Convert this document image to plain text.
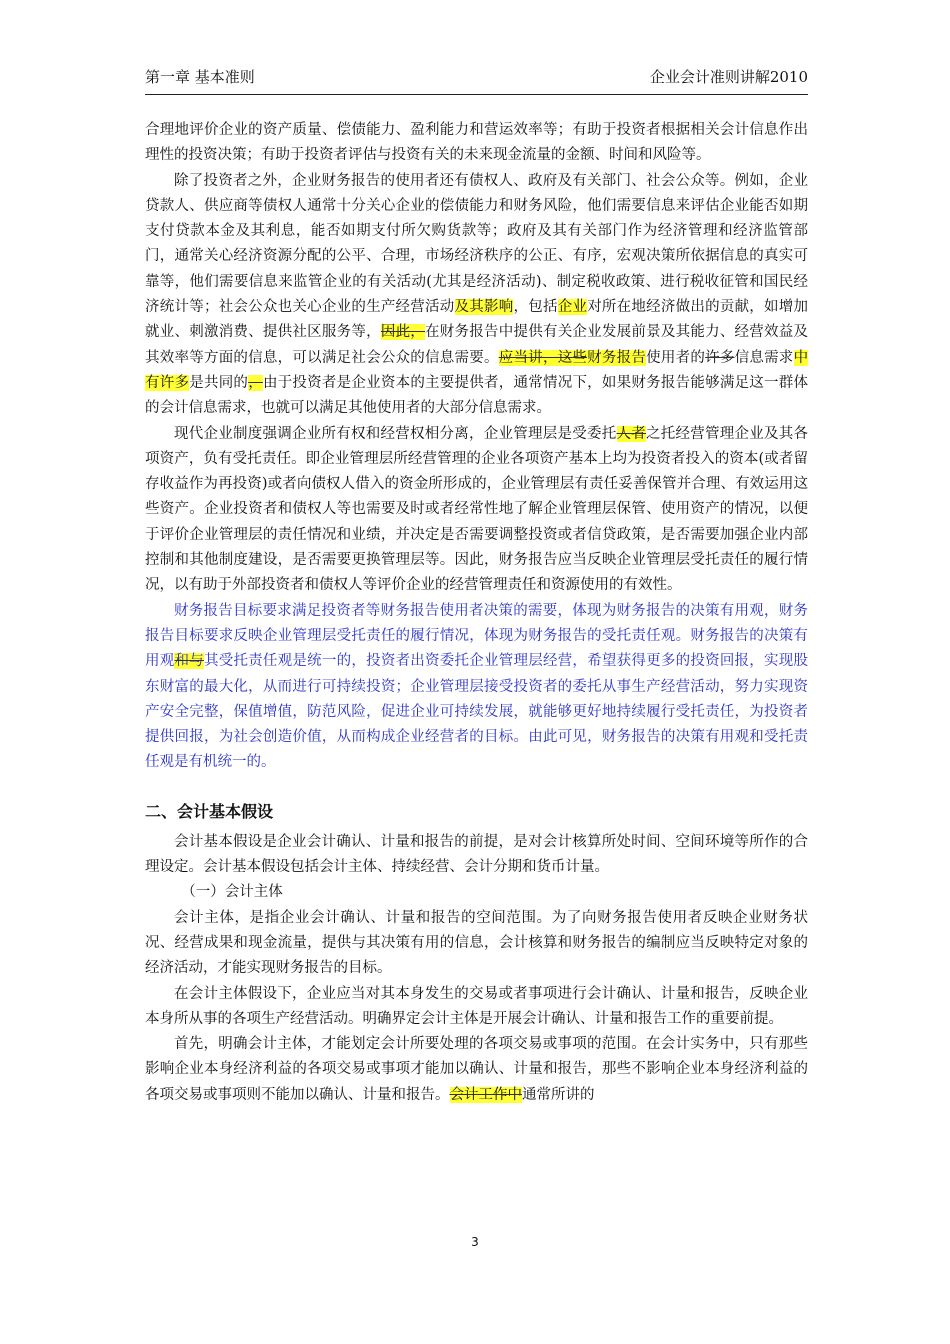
第一章 基本准则	企业会计准则讲解2010

合理地评价企业的资产质量、偿债能力、盈利能力和营运效率等；有助于投资者根据相关会计信息作出理性的投资决策；有助于投资者评估与投资有关的未来现金流量的金额、时间和风险等。

除了投资者之外，企业财务报告的使用者还有债权人、政府及有关部门、社会公众等。例如，企业贷款人、供应商等债权人通常十分关心企业的偿债能力和财务风险，他们需要信息来评估企业能否如期支付贷款本金及其利息，能否如期支付所欠购货款等；政府及其有关部门作为经济管理和经济监管部门，通常关心经济资源分配的公平、合理，市场经济秩序的公正、有序，宏观决策所依据信息的真实可靠等，他们需要信息来监管企业的有关活动(尤其是经济活动)、制定税收政策、进行税收征管和国民经济统计等；社会公众也关心企业的生产经营活动及其影响，包括企业对所在地经济做出的贡献，如增加就业、刺激消费、提供社区服务等，因此，在财务报告中提供有关企业发展前景及其能力、经营效益及其效率等方面的信息，可以满足社会公众的信息需要。应当讲，这些财务报告使用者的许多信息需求中有许多是共同的，由于投资者是企业资本的主要提供者，通常情况下，如果财务报告能够满足这一群体的会计信息需求，也就可以满足其他使用者的大部分信息需求。

现代企业制度强调企业所有权和经营权相分离，企业管理层是受委托人者之托经营管理企业及其各项资产，负有受托责任。即企业管理层所经营管理的企业各项资产基本上均为投资者投入的资本(或者留存收益作为再投资)或者向债权人借入的资金所形成的，企业管理层有责任妥善保管并合理、有效运用这些资产。企业投资者和债权人等也需要及时或者经常性地了解企业管理层保管、使用资产的情况，以便于评价企业管理层的责任情况和业绩，并决定是否需要调整投资或者信贷政策，是否需要加强企业内部控制和其他制度建设，是否需要更换管理层等。因此，财务报告应当反映企业管理层受托责任的履行情况，以有助于外部投资者和债权人等评价企业的经营管理责任和资源使用的有效性。

财务报告目标要求满足投资者等财务报告使用者决策的需要，体现为财务报告的决策有用观，财务报告目标要求反映企业管理层受托责任的履行情况，体现为财务报告的受托责任观。财务报告的决策有用观和与其受托责任观是统一的，投资者出资委托企业管理层经营，希望获得更多的投资回报，实现股东财富的最大化，从而进行可持续投资；企业管理层接受投资者的委托从事生产经营活动，努力实现资产安全完整，保值增值，防范风险，促进企业可持续发展，就能够更好地持续履行受托责任，为投资者提供回报，为社会创造价值，从而构成企业经营者的目标。由此可见，财务报告的决策有用观和受托责任观是有机统一的。

二、会计基本假设

会计基本假设是企业会计确认、计量和报告的前提，是对会计核算所处时间、空间环境等所作的合理设定。会计基本假设包括会计主体、持续经营、会计分期和货币计量。

（一）会计主体

会计主体，是指企业会计确认、计量和报告的空间范围。为了向财务报告使用者反映企业财务状况、经营成果和现金流量，提供与其决策有用的信息，会计核算和财务报告的编制应当反映特定对象的经济活动，才能实现财务报告的目标。

在会计主体假设下，企业应当对其本身发生的交易或者事项进行会计确认、计量和报告，反映企业本身所从事的各项生产经营活动。明确界定会计主体是开展会计确认、计量和报告工作的重要前提。

首先，明确会计主体，才能划定会计所要处理的各项交易或事项的范围。在会计实务中，只有那些影响企业本身经济利益的各项交易或事项才能加以确认、计量和报告，那些不影响企业本身经济利益的各项交易或事项则不能加以确认、计量和报告。会计工作中通常所讲的

3
